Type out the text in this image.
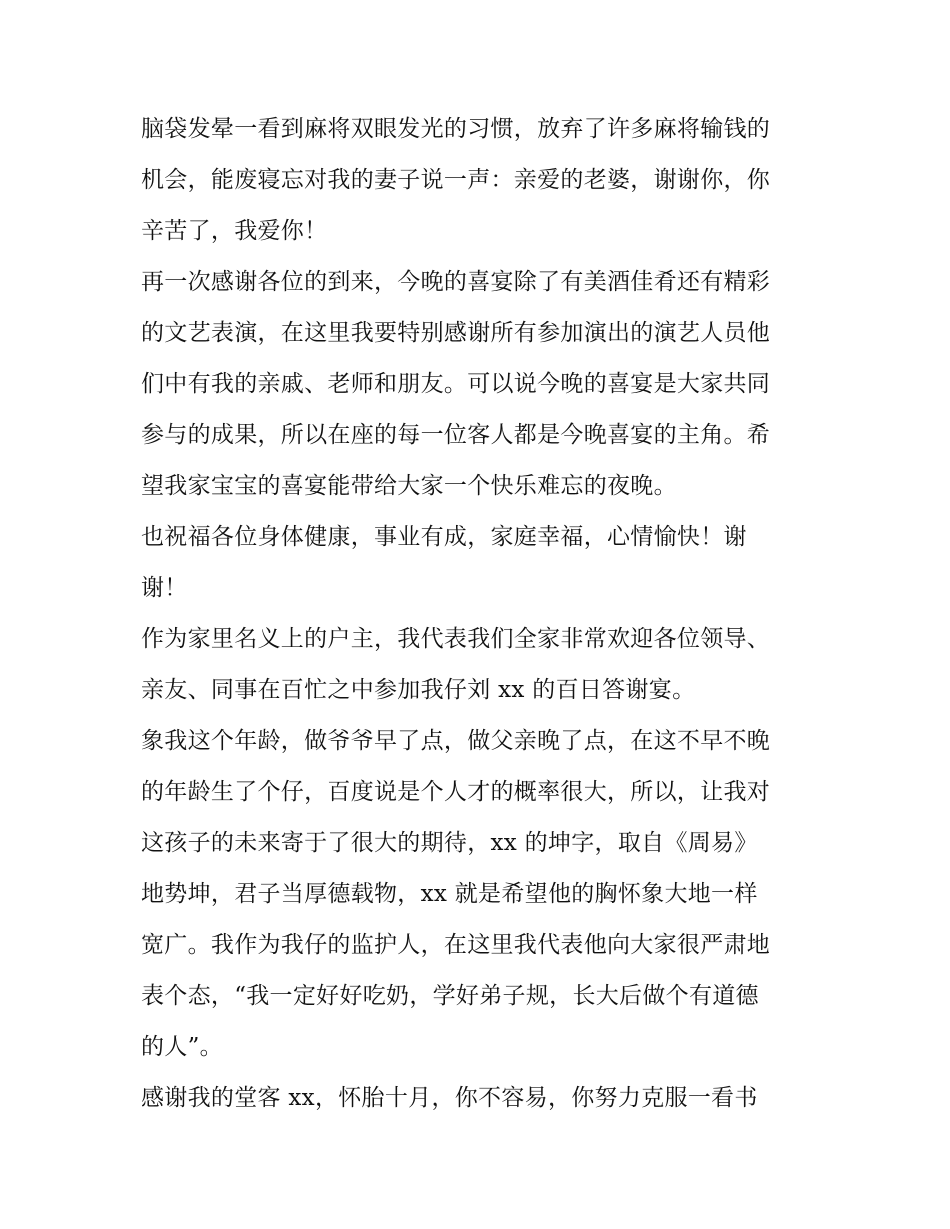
脑袋发晕一看到麻将双眼发光的习惯，放弃了许多麻将输钱的
机会，能废寝忘对我的妻子说一声：亲爱的老婆，谢谢你，你
辛苦了，我爱你！
再一次感谢各位的到来，今晚的喜宴除了有美酒佳肴还有精彩
的文艺表演，在这里我要特别感谢所有参加演出的演艺人员他
们中有我的亲戚、老师和朋友。可以说今晚的喜宴是大家共同
参与的成果，所以在座的每一位客人都是今晚喜宴的主角。希
望我家宝宝的喜宴能带给大家一个快乐难忘的夜晚。
也祝福各位身体健康，事业有成，家庭幸福，心情愉快！谢
谢！
作为家里名义上的户主，我代表我们全家非常欢迎各位领导、
亲友、同事在百忙之中参加我仔刘 xx 的百日答谢宴。
象我这个年龄，做爷爷早了点，做父亲晚了点，在这不早不晚
的年龄生了个仔，百度说是个人才的概率很大，所以，让我对
这孩子的未来寄于了很大的期待，xx 的坤字，取自《周易》
地势坤，君子当厚德载物，xx 就是希望他的胸怀象大地一样
宽广。我作为我仔的监护人，在这里我代表他向大家很严肃地
表个态，“我一定好好吃奶，学好弟子规，长大后做个有道德
的人”。
感谢我的堂客 xx，怀胎十月，你不容易，你努力克服一看书
